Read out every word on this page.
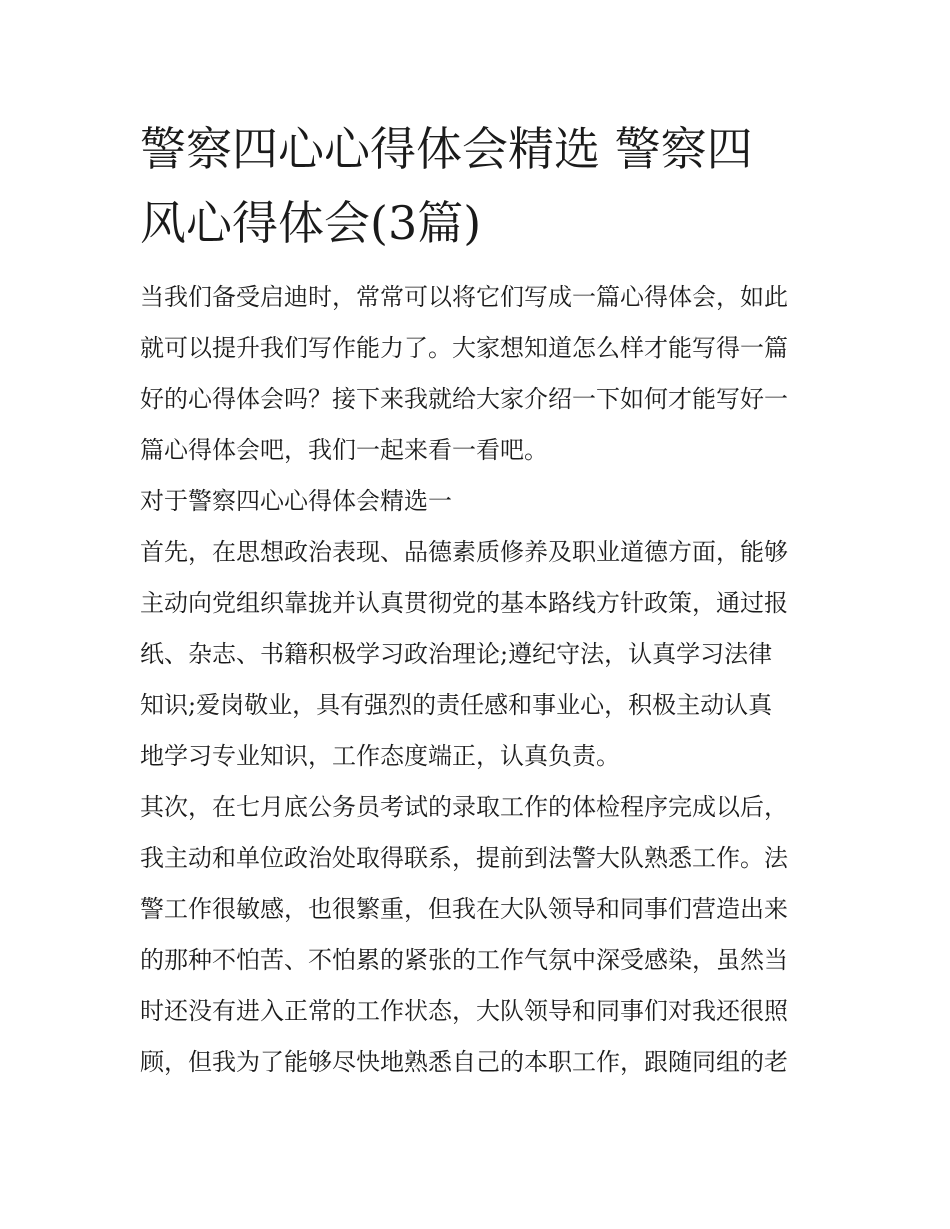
警察四心心得体会精选 警察四
风心得体会(3篇)
当我们备受启迪时，常常可以将它们写成一篇心得体会，如此
就可以提升我们写作能力了。大家想知道怎么样才能写得一篇
好的心得体会吗？接下来我就给大家介绍一下如何才能写好一
篇心得体会吧，我们一起来看一看吧。
对于警察四心心得体会精选一
首先，在思想政治表现、品德素质修养及职业道德方面，能够
主动向党组织靠拢并认真贯彻党的基本路线方针政策，通过报
纸、杂志、书籍积极学习政治理论;遵纪守法，认真学习法律
知识;爱岗敬业，具有强烈的责任感和事业心，积极主动认真
地学习专业知识，工作态度端正，认真负责。
其次，在七月底公务员考试的录取工作的体检程序完成以后，
我主动和单位政治处取得联系，提前到法警大队熟悉工作。法
警工作很敏感，也很繁重，但我在大队领导和同事们营造出来
的那种不怕苦、不怕累的紧张的工作气氛中深受感染，虽然当
时还没有进入正常的工作状态，大队领导和同事们对我还很照
顾，但我为了能够尽快地熟悉自己的本职工作，跟随同组的老
